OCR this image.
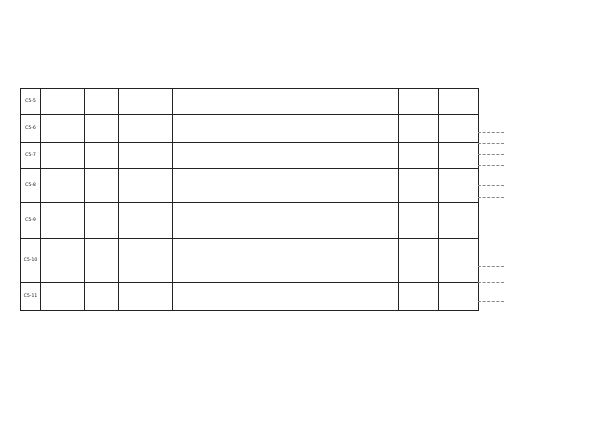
C5-5						
C5-6						
C5-7						
C5-8						
C5-9						
C5-10						
C5-11						
